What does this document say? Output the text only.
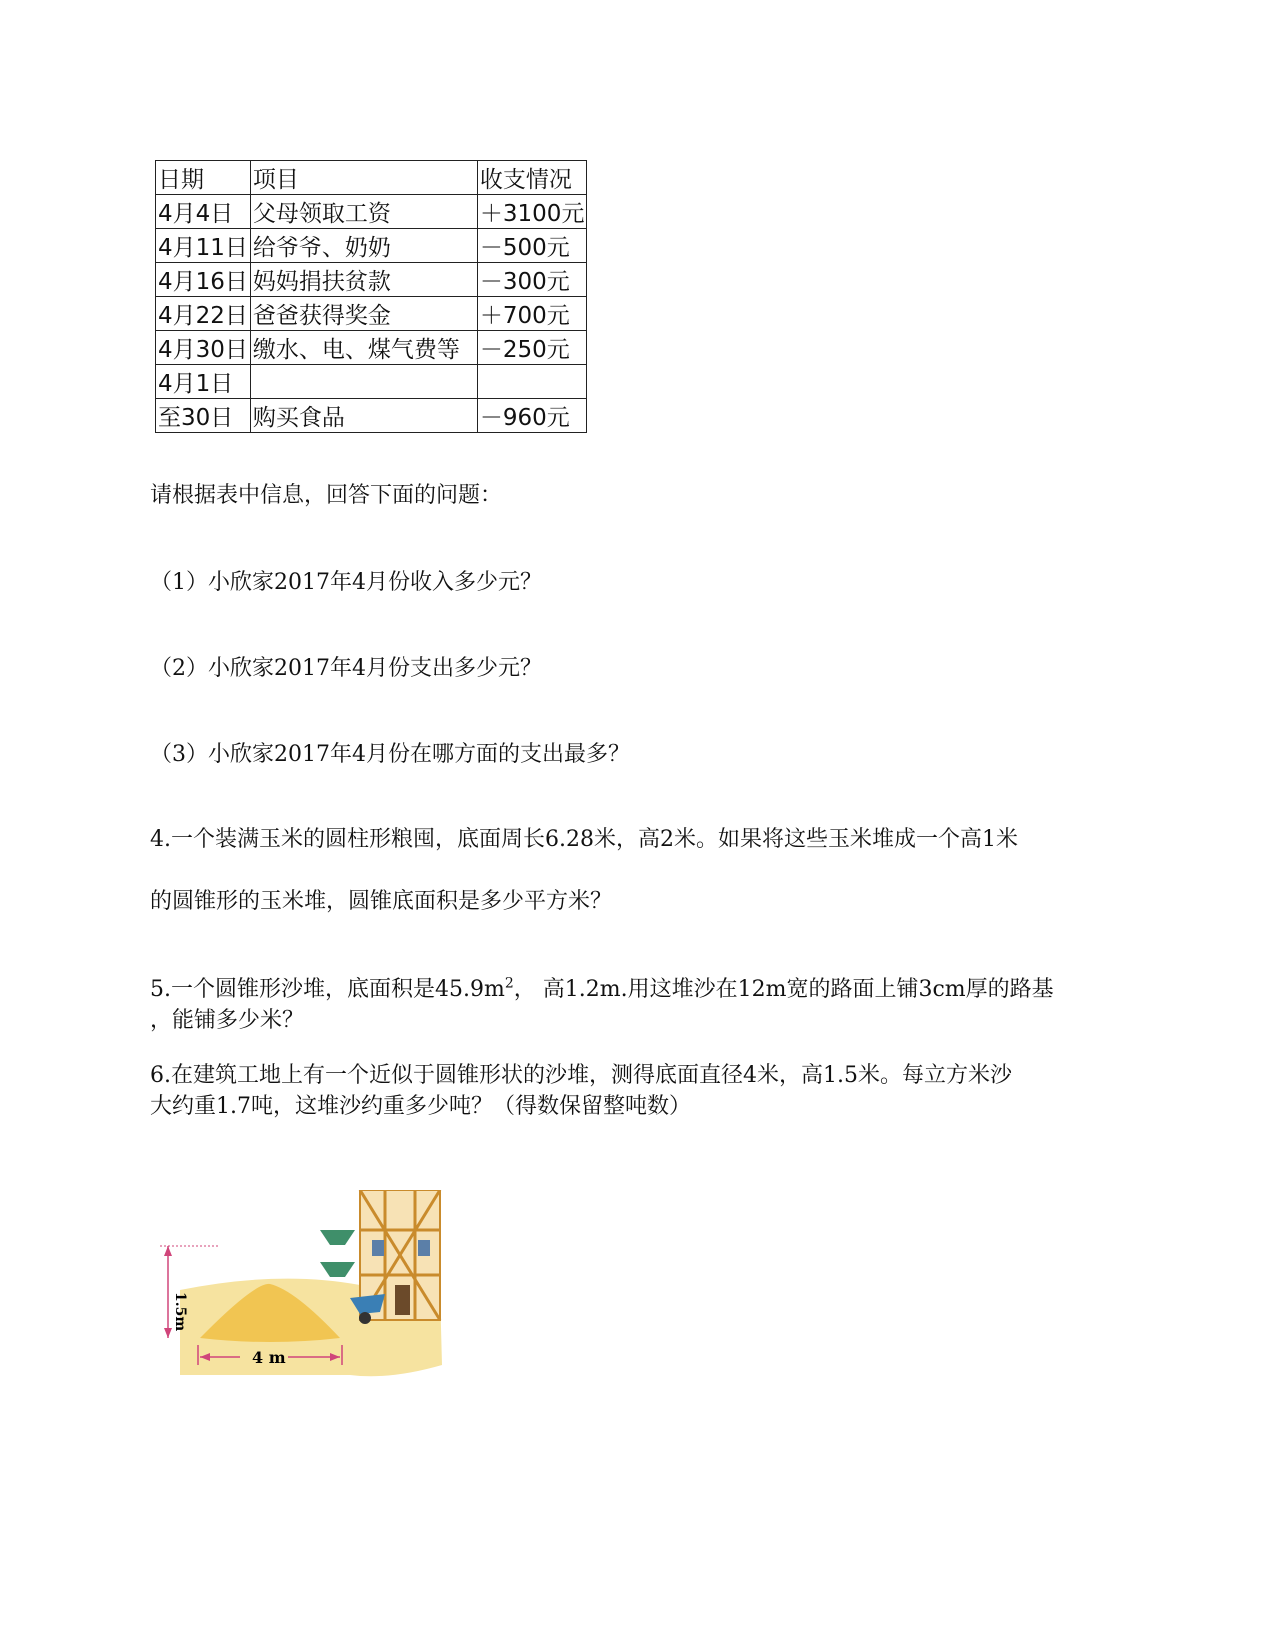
日期	项目	收支情况
4月4日	父母领取工资	＋3100元
4月11日	给爷爷、奶奶	－500元
4月16日	妈妈捐扶贫款	－300元
4月22日	爸爸获得奖金	＋700元
4月30日	缴水、电、煤气费等	－250元
4月1日		
至30日	购买食品	－960元
请根据表中信息，回答下面的问题：
（1）小欣家2017年4月份收入多少元？
（2）小欣家2017年4月份支出多少元？
（3）小欣家2017年4月份在哪方面的支出最多？
4.一个装满玉米的圆柱形粮囤，底面周长6.28米，高2米。如果将这些玉米堆成一个高1米
的圆锥形的玉米堆，圆锥底面积是多少平方米？
5.一个圆锥形沙堆，底面积是$45.9m^2$， 高1.2m.用这堆沙在12m宽的路面上铺3cm厚的路基
，能铺多少米？
6.在建筑工地上有一个近似于圆锥形状的沙堆，测得底面直径4米，高1.5米。每立方米沙
大约重1.7吨，这堆沙约重多少吨？（得数保留整吨数）
1.5m
4 m
